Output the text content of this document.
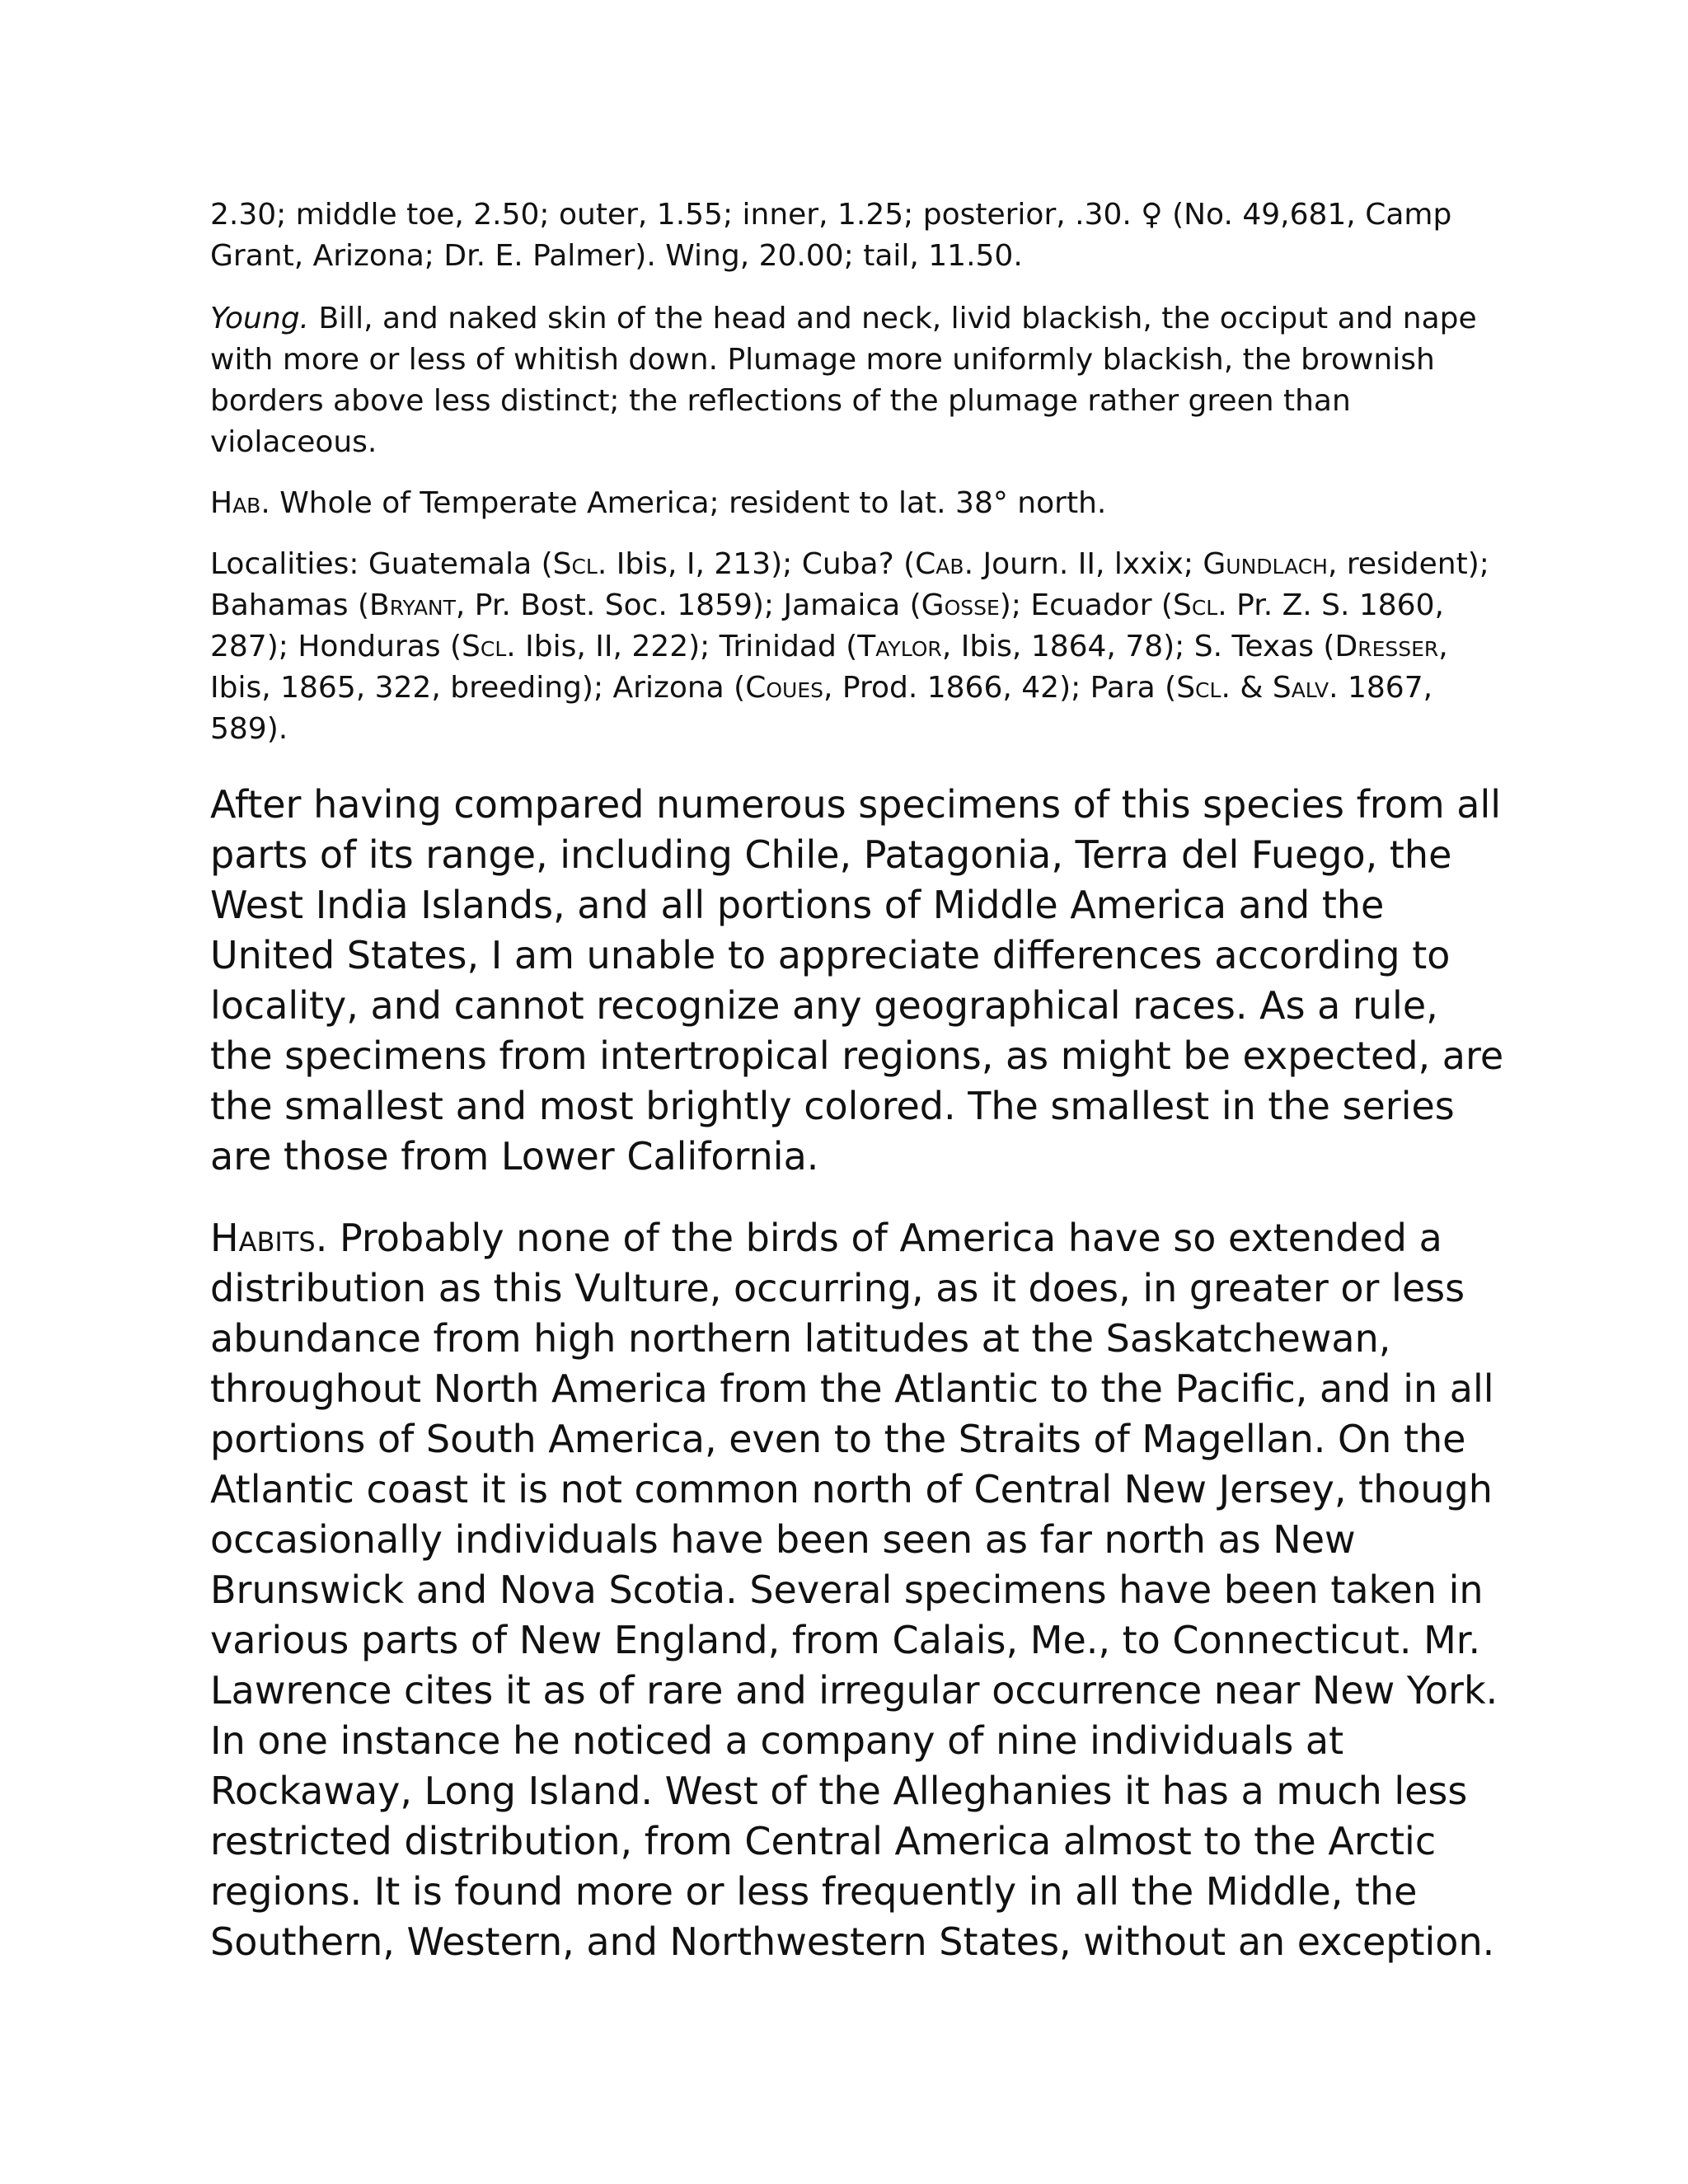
2.30; middle toe, 2.50; outer, 1.55; inner, 1.25; posterior, .30. ♀ (No. 49,681, Camp Grant, Arizona; Dr. E. Palmer). Wing, 20.00; tail, 11.50.

Young. Bill, and naked skin of the head and neck, livid blackish, the occiput and nape with more or less of whitish down. Plumage more uniformly blackish, the brownish borders above less distinct; the reflections of the plumage rather green than violaceous.

Hab. Whole of Temperate America; resident to lat. 38° north.

Localities: Guatemala (Scl. Ibis, I, 213); Cuba? (Cab. Journ. II, lxxix; Gundlach, resident); Bahamas (Bryant, Pr. Bost. Soc. 1859); Jamaica (Gosse); Ecuador (Scl. Pr. Z. S. 1860, 287); Honduras (Scl. Ibis, II, 222); Trinidad (Taylor, Ibis, 1864, 78); S. Texas (Dresser, Ibis, 1865, 322, breeding); Arizona (Coues, Prod. 1866, 42); Para (Scl. & Salv. 1867, 589).

After having compared numerous specimens of this species from all parts of its range, including Chile, Patagonia, Terra del Fuego, the West India Islands, and all portions of Middle America and the United States, I am unable to appreciate differences according to locality, and cannot recognize any geographical races. As a rule, the specimens from intertropical regions, as might be expected, are the smallest and most brightly colored. The smallest in the series are those from Lower California.

Habits. Probably none of the birds of America have so extended a distribution as this Vulture, occurring, as it does, in greater or less abundance from high northern latitudes at the Saskatchewan, throughout North America from the Atlantic to the Pacific, and in all portions of South America, even to the Straits of Magellan. On the Atlantic coast it is not common north of Central New Jersey, though occasionally individuals have been seen as far north as New Brunswick and Nova Scotia. Several specimens have been taken in various parts of New England, from Calais, Me., to Connecticut. Mr. Lawrence cites it as of rare and irregular occurrence near New York. In one instance he noticed a company of nine individuals at Rockaway, Long Island. West of the Alleghanies it has a much less restricted distribution, from Central America almost to the Arctic regions. It is found more or less frequently in all the Middle, the Southern, Western, and Northwestern States, without an exception.
